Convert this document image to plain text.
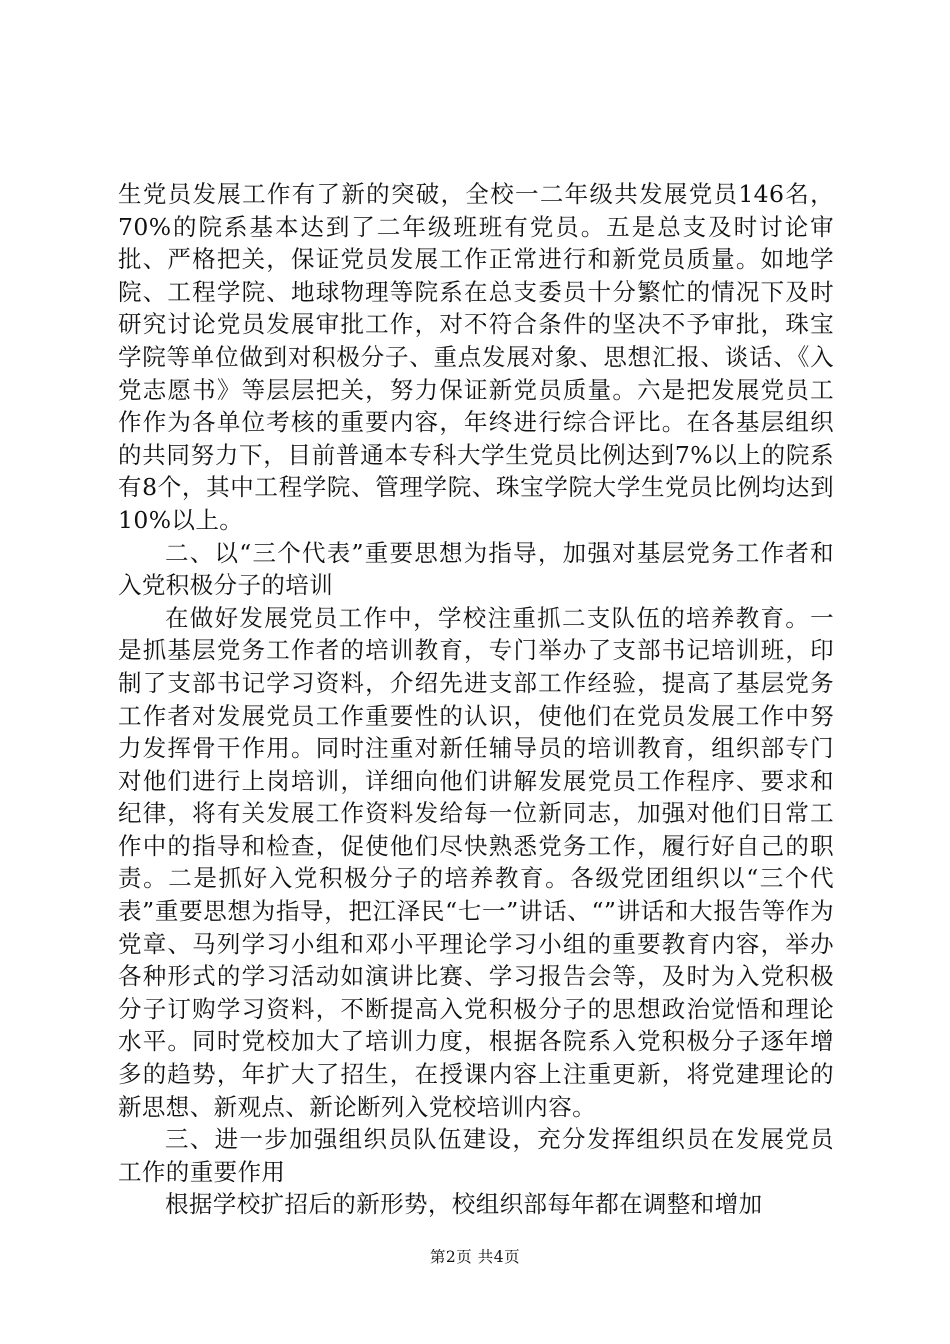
生党员发展工作有了新的突破，全校一二年级共发展党员146名，70%的院系基本达到了二年级班班有党员。五是总支及时讨论审批、严格把关，保证党员发展工作正常进行和新党员质量。如地学院、工程学院、地球物理等院系在总支委员十分繁忙的情况下及时研究讨论党员发展审批工作，对不符合条件的坚决不予审批，珠宝学院等单位做到对积极分子、重点发展对象、思想汇报、谈话、《入党志愿书》等层层把关，努力保证新党员质量。六是把发展党员工作作为各单位考核的重要内容，年终进行综合评比。在各基层组织的共同努力下，目前普通本专科大学生党员比例达到7%以上的院系有8个，其中工程学院、管理学院、珠宝学院大学生党员比例均达到10%以上。

二、以“三个代表”重要思想为指导，加强对基层党务工作者和入党积极分子的培训

在做好发展党员工作中，学校注重抓二支队伍的培养教育。一是抓基层党务工作者的培训教育，专门举办了支部书记培训班，印制了支部书记学习资料，介绍先进支部工作经验，提高了基层党务工作者对发展党员工作重要性的认识，使他们在党员发展工作中努力发挥骨干作用。同时注重对新任辅导员的培训教育，组织部专门对他们进行上岗培训，详细向他们讲解发展党员工作程序、要求和纪律，将有关发展工作资料发给每一位新同志，加强对他们日常工作中的指导和检查，促使他们尽快熟悉党务工作，履行好自己的职责。二是抓好入党积极分子的培养教育。各级党团组织以“三个代表”重要思想为指导，把江泽民“七一”讲话、“”讲话和大报告等作为党章、马列学习小组和邓小平理论学习小组的重要教育内容，举办各种形式的学习活动如演讲比赛、学习报告会等，及时为入党积极分子订购学习资料，不断提高入党积极分子的思想政治觉悟和理论水平。同时党校加大了培训力度，根据各院系入党积极分子逐年增多的趋势，年扩大了招生，在授课内容上注重更新，将党建理论的新思想、新观点、新论断列入党校培训内容。

三、进一步加强组织员队伍建设，充分发挥组织员在发展党员工作的重要作用

根据学校扩招后的新形势，校组织部每年都在调整和增加

第2页 共4页
